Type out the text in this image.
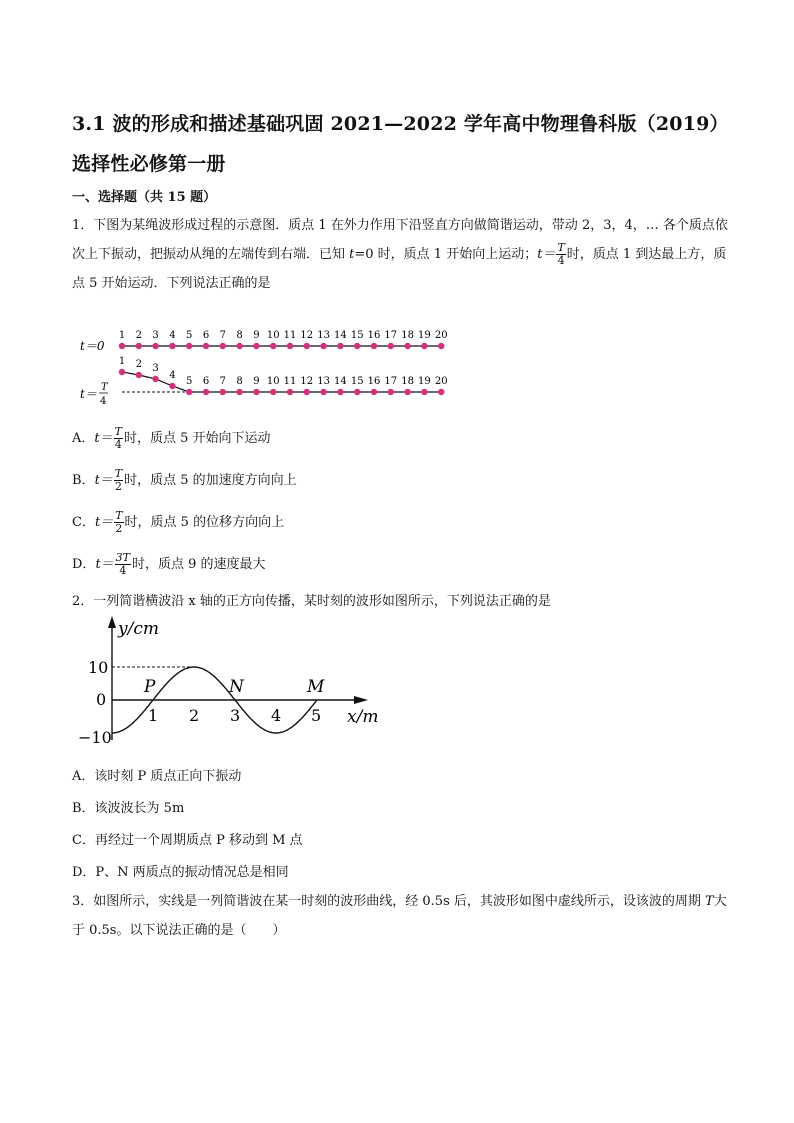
3.1 波的形成和描述基础巩固 2021—2022 学年高中物理鲁科版（2019）选择性必修第一册
一、选择题（共 15 题）
1．下图为某绳波形成过程的示意图．质点 1 在外力作用下沿竖直方向做简谐运动，带动 2，3，4，… 各个质点依次上下振动，把振动从绳的左端传到右端．已知 t=0 时，质点 1 开始向上运动；$t= \frac{T}{4}$ 时，质点 1 到达最上方，质点 5 开始运动．下列说法正确的是
t＝0
t＝ T
4
1 2 3 4 5 6 7 8 9 10 11 12 13 14 15 16 17 18 19 20
1 2 3
4
5 6 7 8 9 10 11 12 13 14 15 16 17 18 19 20
A．$t= \frac{T}{4}$ 时，质点 5 开始向下运动
B．$t= \frac{T}{2}$ 时，质点 5 的加速度方向向上
C．$t= \frac{T}{2}$ 时，质点 5 的位移方向向上
D．$t= \frac{3T}{4}$ 时，质点 9 的速度最大
2．一列简谐横波沿 x 轴的正方向传播，某时刻的波形如图所示，下列说法正确的是
y/cm
x/m
10
0
−10
1 2 3 4 5
P	N	M
A．该时刻 P 质点正向下振动
B．该波波长为 5m
C．再经过一个周期质点 P 移动到 M 点
D．P、N 两质点的振动情况总是相同
3．如图所示，实线是一列简谐波在某一时刻的波形曲线，经 0.5s 后，其波形如图中虚线所示，设该波的周期 T大于 0.5s。以下说法正确的是（　　）
